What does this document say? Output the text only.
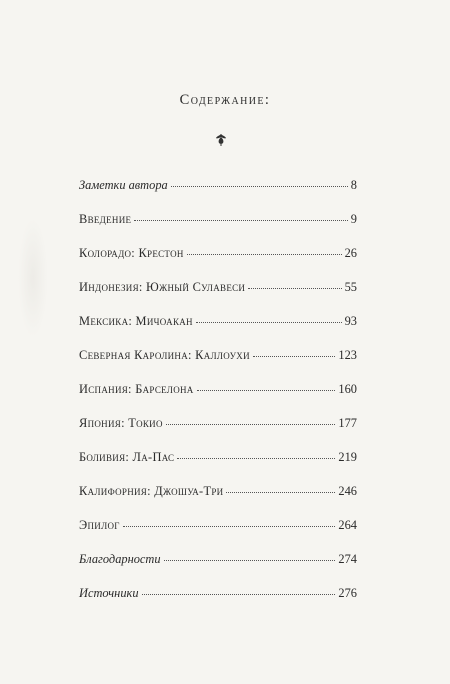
Содержание:
Заметки автора	8
Введение	9
Колорадо: Крестон	26
Индонезия: Южный Сулавеси	55
Мексика: Мичоакан	93
Северная Каролина: Каллоухи	123
Испания: Барселона	160
Япония: Токио	177
Боливия: Ла-Пас	219
Калифорния: Джошуа-Три	246
Эпилог	264
Благодарности	274
Источники	276
